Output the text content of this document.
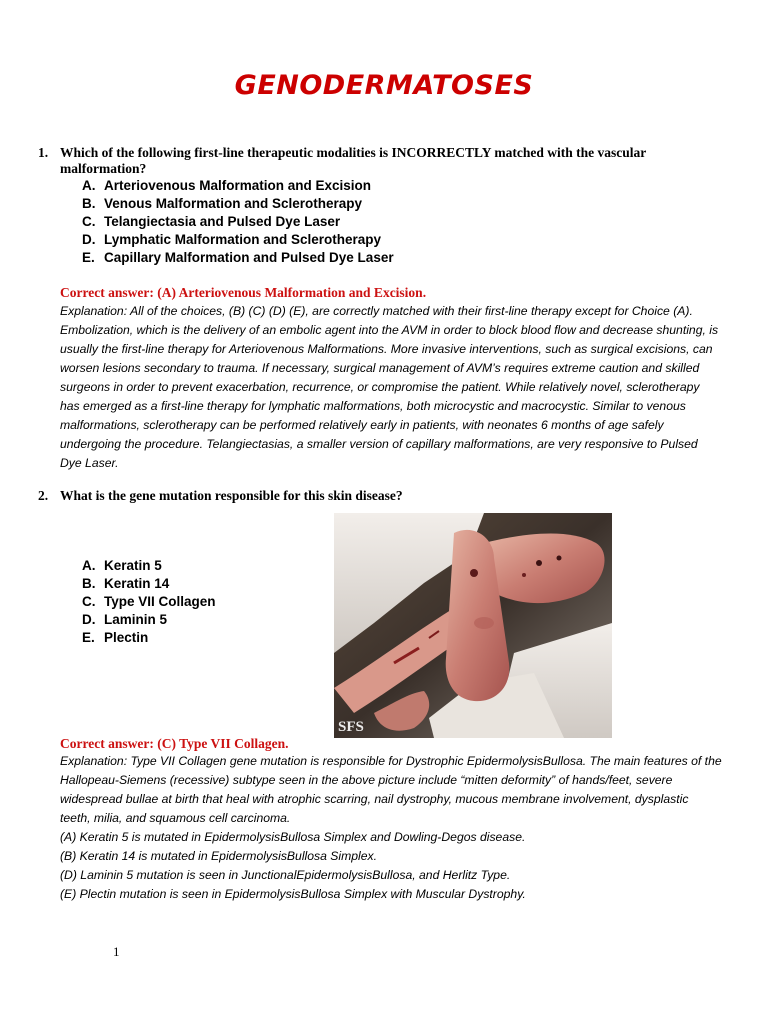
GENODERMATOSES
1. Which of the following first-line therapeutic modalities is INCORRECTLY matched with the vascular malformation?
A. Arteriovenous Malformation and Excision
B. Venous Malformation and Sclerotherapy
C. Telangiectasia and Pulsed Dye Laser
D. Lymphatic Malformation and Sclerotherapy
E. Capillary Malformation and Pulsed Dye Laser
Correct answer: (A) Arteriovenous Malformation and Excision.

Explanation: All of the choices, (B) (C) (D) (E), are correctly matched with their first-line therapy except for Choice (A). Embolization, which is the delivery of an embolic agent into the AVM in order to block blood flow and decrease shunting, is usually the first-line therapy for Arteriovenous Malformations. More invasive interventions, such as surgical excisions, can worsen lesions secondary to trauma. If necessary, surgical management of AVM’s requires extreme caution and skilled surgeons in order to prevent exacerbation, recurrence, or compromise the patient. While relatively novel, sclerotherapy has emerged as a first-line therapy for lymphatic malformations, both microcystic and macrocystic. Similar to venous malformations, sclerotherapy can be performed relatively early in patients, with neonates 6 months of age safely undergoing the procedure. Telangiectasias, a smaller version of capillary malformations, are very responsive to Pulsed Dye Laser.

2. What is the gene mutation responsible for this skin disease?
A. Keratin 5
B. Keratin 14
C. Type VII Collagen
D. Laminin 5
E. Plectin
SFS
Correct answer: (C) Type VII Collagen.

Explanation: Type VII Collagen gene mutation is responsible for Dystrophic EpidermolysisBullosa. The main features of the Hallopeau-Siemens (recessive) subtype seen in the above picture include “mitten deformity” of hands/feet, severe widespread bullae at birth that heal with atrophic scarring, nail dystrophy, mucous membrane involvement, dysplastic teeth, milia, and squamous cell carcinoma.

(A) Keratin 5 is mutated in EpidermolysisBullosa Simplex and Dowling-Degos disease.

(B) Keratin 14 is mutated in EpidermolysisBullosa Simplex.

(D) Laminin 5 mutation is seen in JunctionalEpidermolysisBullosa, and Herlitz Type.

(E) Plectin mutation is seen in EpidermolysisBullosa Simplex with Muscular Dystrophy.

1
